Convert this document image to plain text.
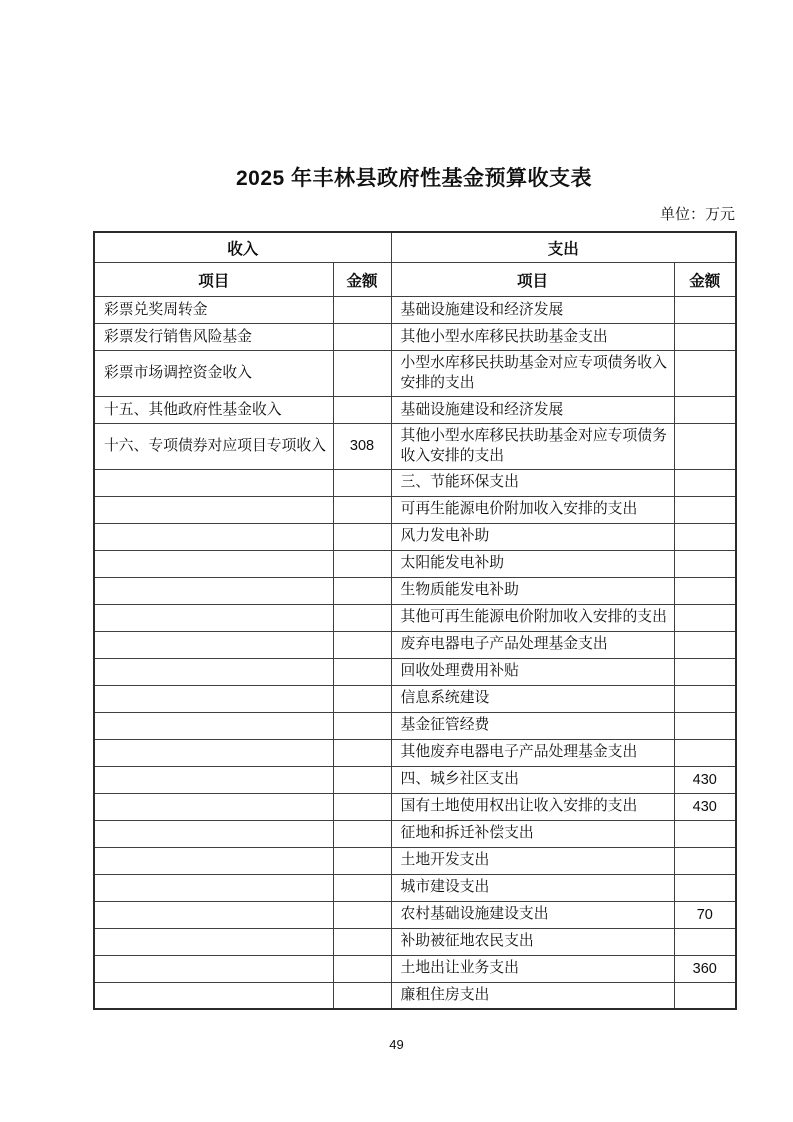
2025 年丰林县政府性基金预算收支表
单位：万元
收入		支出	
项目	金额	项目	金额
彩票兑奖周转金		基础设施建设和经济发展	
彩票发行销售风险基金		其他小型水库移民扶助基金支出	
彩票市场调控资金收入		小型水库移民扶助基金对应专项债务收入安排的支出	
十五、其他政府性基金收入		基础设施建设和经济发展	
十六、专项债券对应项目专项收入	308	其他小型水库移民扶助基金对应专项债务收入安排的支出	
		三、节能环保支出	
		可再生能源电价附加收入安排的支出	
		风力发电补助	
		太阳能发电补助	
		生物质能发电补助	
		其他可再生能源电价附加收入安排的支出	
		废弃电器电子产品处理基金支出	
		回收处理费用补贴	
		信息系统建设	
		基金征管经费	
		其他废弃电器电子产品处理基金支出	
		四、城乡社区支出	430
		国有土地使用权出让收入安排的支出	430
		征地和拆迁补偿支出	
		土地开发支出	
		城市建设支出	
		农村基础设施建设支出	70
		补助被征地农民支出	
		土地出让业务支出	360
		廉租住房支出	
49
